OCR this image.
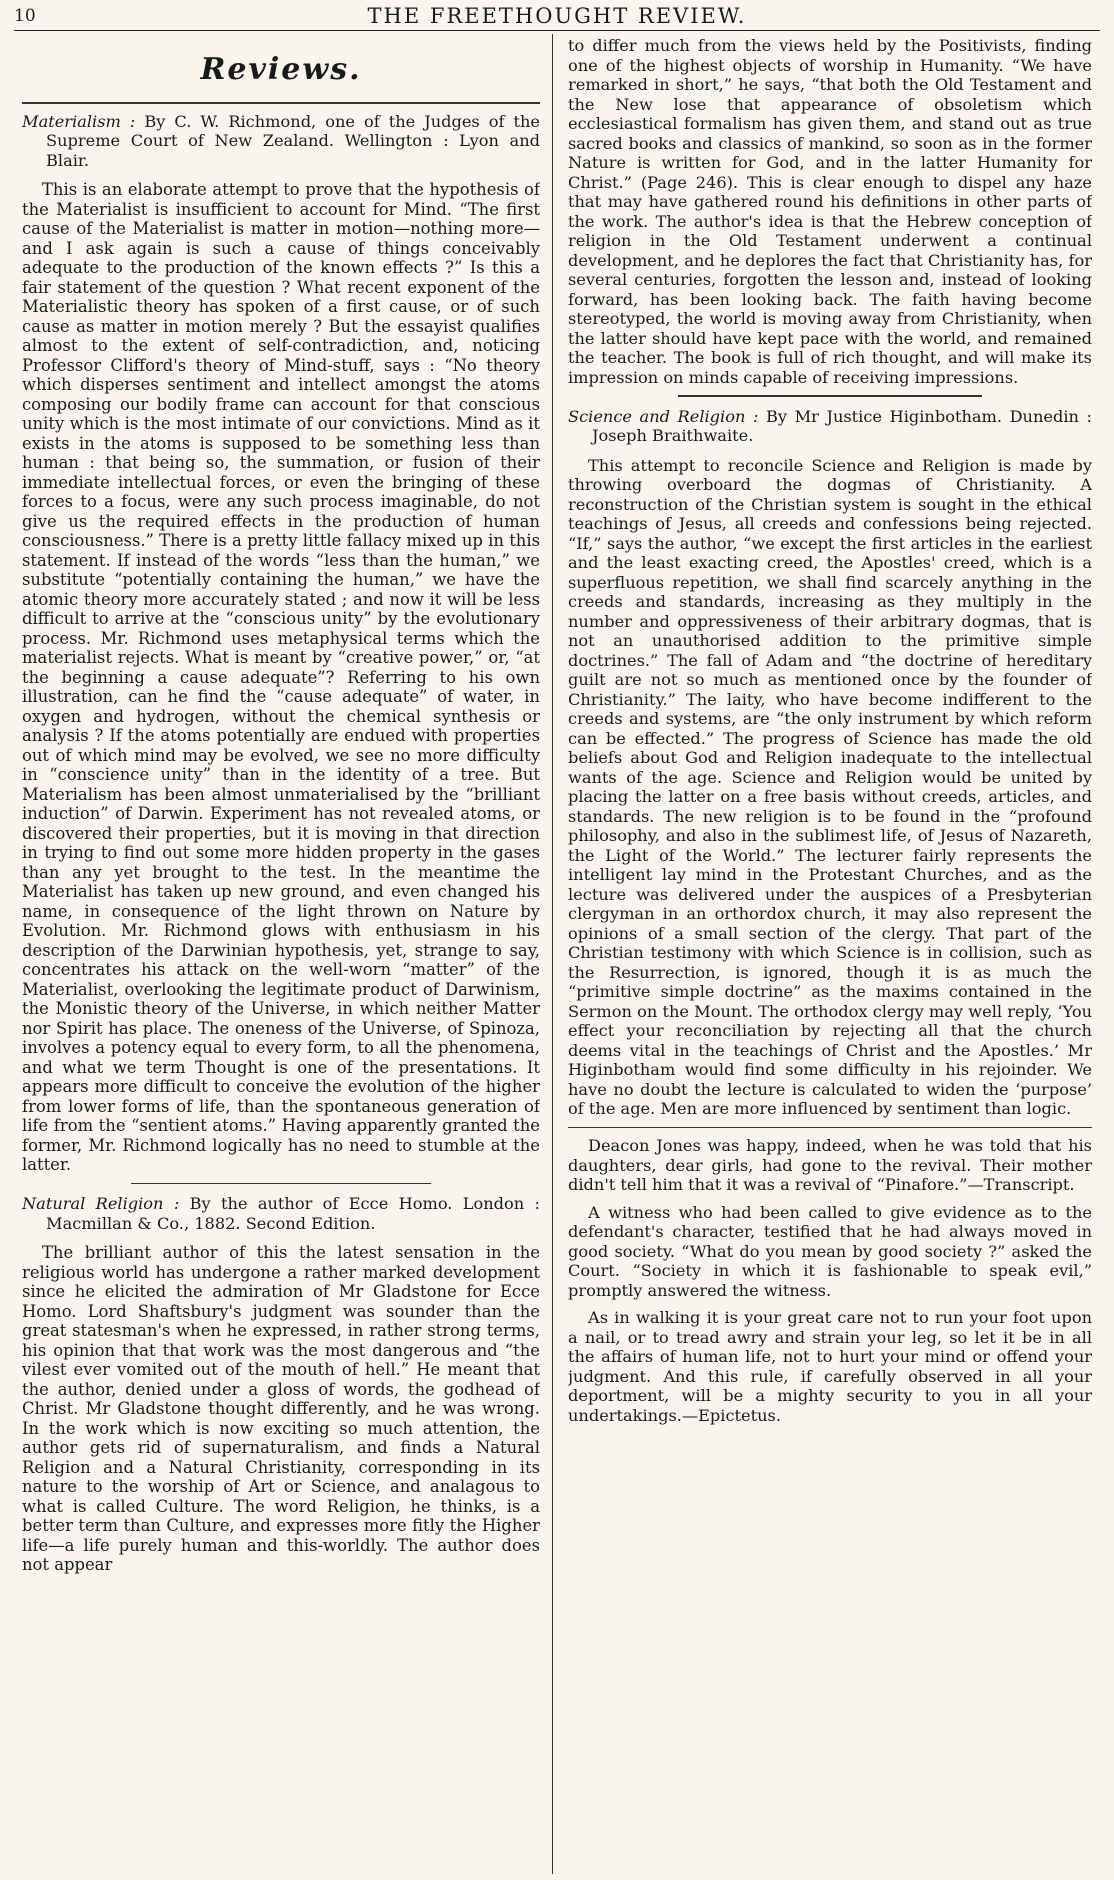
10	THE FREETHOUGHT REVIEW.
Reviews.
Materialism : By C. W. Richmond, one of the Judges of the Supreme Court of New Zealand. Wellington : Lyon and Blair.

This is an elaborate attempt to prove that the hypothesis of the Materialist is insufficient to account for Mind. “The first cause of the Materialist is matter in motion—nothing more—and I ask again is such a cause of things conceivably adequate to the production of the known effects ?” Is this a fair statement of the question ? What recent exponent of the Materialistic theory has spoken of a first cause, or of such cause as matter in motion merely ? But the essayist qualifies almost to the extent of self-contradiction, and, noticing Professor Clifford's theory of Mind-stuff, says : “No theory which disperses sentiment and intellect amongst the atoms composing our bodily frame can account for that conscious unity which is the most intimate of our convictions. Mind as it exists in the atoms is supposed to be something less than human : that being so, the summation, or fusion of their immediate intellectual forces, or even the bringing of these forces to a focus, were any such process imaginable, do not give us the required effects in the production of human consciousness.” There is a pretty little fallacy mixed up in this statement. If instead of the words “less than the human,” we substitute “potentially containing the human,” we have the atomic theory more accurately stated ; and now it will be less difficult to arrive at the “conscious unity” by the evolutionary process. Mr. Richmond uses metaphysical terms which the materialist rejects. What is meant by “creative power,” or, “at the beginning a cause adequate”? Referring to his own illustration, can he find the “cause adequate” of water, in oxygen and hydrogen, without the chemical synthesis or analysis ? If the atoms potentially are endued with properties out of which mind may be evolved, we see no more difficulty in “conscience unity” than in the identity of a tree. But Materialism has been almost unmaterialised by the “brilliant induction” of Darwin. Experiment has not revealed atoms, or discovered their properties, but it is moving in that direction in trying to find out some more hidden property in the gases than any yet brought to the test. In the meantime the Materialist has taken up new ground, and even changed his name, in consequence of the light thrown on Nature by Evolution. Mr. Richmond glows with enthusiasm in his description of the Darwinian hypothesis, yet, strange to say, concentrates his attack on the well-worn “matter” of the Materialist, overlooking the legitimate product of Darwinism, the Monistic theory of the Universe, in which neither Matter nor Spirit has place. The oneness of the Universe, of Spinoza, involves a potency equal to every form, to all the phenomena, and what we term Thought is one of the presentations. It appears more difficult to conceive the evolution of the higher from lower forms of life, than the spontaneous generation of life from the “sentient atoms.” Having apparently granted the former, Mr. Richmond logically has no need to stumble at the latter.

Natural Religion : By the author of Ecce Homo. London : Macmillan & Co., 1882. Second Edition.

The brilliant author of this the latest sensation in the religious world has undergone a rather marked development since he elicited the admiration of Mr Gladstone for Ecce Homo. Lord Shaftsbury's judgment was sounder than the great statesman's when he expressed, in rather strong terms, his opinion that that work was the most dangerous and “the vilest ever vomited out of the mouth of hell.” He meant that the author, denied under a gloss of words, the godhead of Christ. Mr Gladstone thought differently, and he was wrong. In the work which is now exciting so much attention, the author gets rid of supernaturalism, and finds a Natural Religion and a Natural Christianity, corresponding in its nature to the worship of Art or Science, and analagous to what is called Culture. The word Religion, he thinks, is a better term than Culture, and expresses more fitly the Higher life—a life purely human and this-worldly. The author does not appear

to differ much from the views held by the Positivists, finding one of the highest objects of worship in Humanity. “We have remarked in short,” he says, “that both the Old Testament and the New lose that appearance of obsoletism which ecclesiastical formalism has given them, and stand out as true sacred books and classics of mankind, so soon as in the former Nature is written for God, and in the latter Humanity for Christ.” (Page 246). This is clear enough to dispel any haze that may have gathered round his definitions in other parts of the work. The author's idea is that the Hebrew conception of religion in the Old Testament underwent a continual development, and he deplores the fact that Christianity has, for several centuries, forgotten the lesson and, instead of looking forward, has been looking back. The faith having become stereotyped, the world is moving away from Christianity, when the latter should have kept pace with the world, and remained the teacher. The book is full of rich thought, and will make its impression on minds capable of receiving impressions.

Science and Religion : By Mr Justice Higinbotham. Dunedin : Joseph Braithwaite.

This attempt to reconcile Science and Religion is made by throwing overboard the dogmas of Christianity. A reconstruction of the Christian system is sought in the ethical teachings of Jesus, all creeds and confessions being rejected. “If,” says the author, “we except the first articles in the earliest and the least exacting creed, the Apostles' creed, which is a superfluous repetition, we shall find scarcely anything in the creeds and standards, increasing as they multiply in the number and oppressiveness of their arbitrary dogmas, that is not an unauthorised addition to the primitive simple doctrines.” The fall of Adam and “the doctrine of hereditary guilt are not so much as mentioned once by the founder of Christianity.” The laity, who have become indifferent to the creeds and systems, are “the only instrument by which reform can be effected.” The progress of Science has made the old beliefs about God and Religion inadequate to the intellectual wants of the age. Science and Religion would be united by placing the latter on a free basis without creeds, articles, and standards. The new religion is to be found in the “profound philosophy, and also in the sublimest life, of Jesus of Nazareth, the Light of the World.” The lecturer fairly represents the intelligent lay mind in the Protestant Churches, and as the lecture was delivered under the auspices of a Presbyterian clergyman in an orthordox church, it may also represent the opinions of a small section of the clergy. That part of the Christian testimony with which Science is in collision, such as the Resurrection, is ignored, though it is as much the “primitive simple doctrine” as the maxims contained in the Sermon on the Mount. The orthodox clergy may well reply, ‘You effect your reconciliation by rejecting all that the church deems vital in the teachings of Christ and the Apostles.’ Mr Higinbotham would find some difficulty in his rejoinder. We have no doubt the lecture is calculated to widen the ‘purpose’ of the age. Men are more influenced by sentiment than logic.

Deacon Jones was happy, indeed, when he was told that his daughters, dear girls, had gone to the revival. Their mother didn't tell him that it was a revival of “Pinafore.”—Transcript.

A witness who had been called to give evidence as to the defendant's character, testified that he had always moved in good society. “What do you mean by good society ?” asked the Court. “Society in which it is fashionable to speak evil,” promptly answered the witness.

As in walking it is your great care not to run your foot upon a nail, or to tread awry and strain your leg, so let it be in all the affairs of human life, not to hurt your mind or offend your judgment. And this rule, if carefully observed in all your deportment, will be a mighty security to you in all your undertakings.—Epictetus.
